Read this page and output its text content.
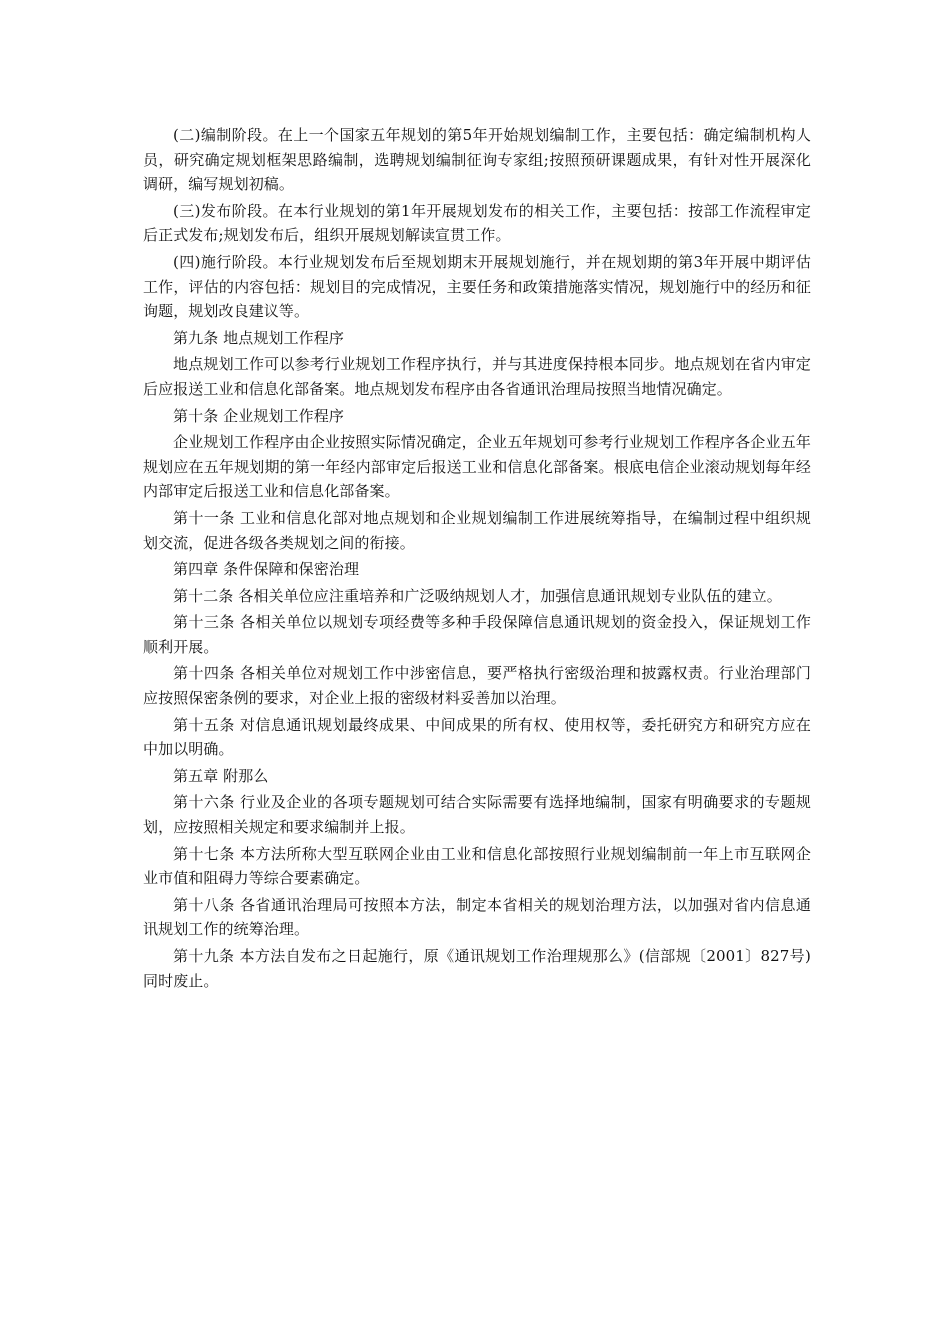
(二)编制阶段。在上一个国家五年规划的第5年开始规划编制工作，主要包括：确定编制机构人员，研究确定规划框架思路编制，选聘规划编制征询专家组;按照预研课题成果，有针对性开展深化调研，编写规划初稿。

(三)发布阶段。在本行业规划的第1年开展规划发布的相关工作，主要包括：按部工作流程审定后正式发布;规划发布后，组织开展规划解读宣贯工作。

(四)施行阶段。本行业规划发布后至规划期末开展规划施行，并在规划期的第3年开展中期评估工作，评估的内容包括：规划目的完成情况，主要任务和政策措施落实情况，规划施行中的经历和征询题，规划改良建议等。

第九条 地点规划工作程序

地点规划工作可以参考行业规划工作程序执行，并与其进度保持根本同步。地点规划在省内审定后应报送工业和信息化部备案。地点规划发布程序由各省通讯治理局按照当地情况确定。

第十条 企业规划工作程序

企业规划工作程序由企业按照实际情况确定，企业五年规划可参考行业规划工作程序各企业五年规划应在五年规划期的第一年经内部审定后报送工业和信息化部备案。根底电信企业滚动规划每年经内部审定后报送工业和信息化部备案。

第十一条 工业和信息化部对地点规划和企业规划编制工作进展统筹指导，在编制过程中组织规划交流，促进各级各类规划之间的衔接。

第四章 条件保障和保密治理

第十二条 各相关单位应注重培养和广泛吸纳规划人才，加强信息通讯规划专业队伍的建立。

第十三条 各相关单位以规划专项经费等多种手段保障信息通讯规划的资金投入，保证规划工作顺利开展。

第十四条 各相关单位对规划工作中涉密信息，要严格执行密级治理和披露权责。行业治理部门应按照保密条例的要求，对企业上报的密级材料妥善加以治理。

第十五条 对信息通讯规划最终成果、中间成果的所有权、使用权等，委托研究方和研究方应在中加以明确。

第五章 附那么

第十六条 行业及企业的各项专题规划可结合实际需要有选择地编制，国家有明确要求的专题规划，应按照相关规定和要求编制并上报。

第十七条 本方法所称大型互联网企业由工业和信息化部按照行业规划编制前一年上市互联网企业市值和阻碍力等综合要素确定。

第十八条 各省通讯治理局可按照本方法，制定本省相关的规划治理方法，以加强对省内信息通讯规划工作的统筹治理。

第十九条 本方法自发布之日起施行，原《通讯规划工作治理规那么》(信部规〔2001〕827号)同时废止。
